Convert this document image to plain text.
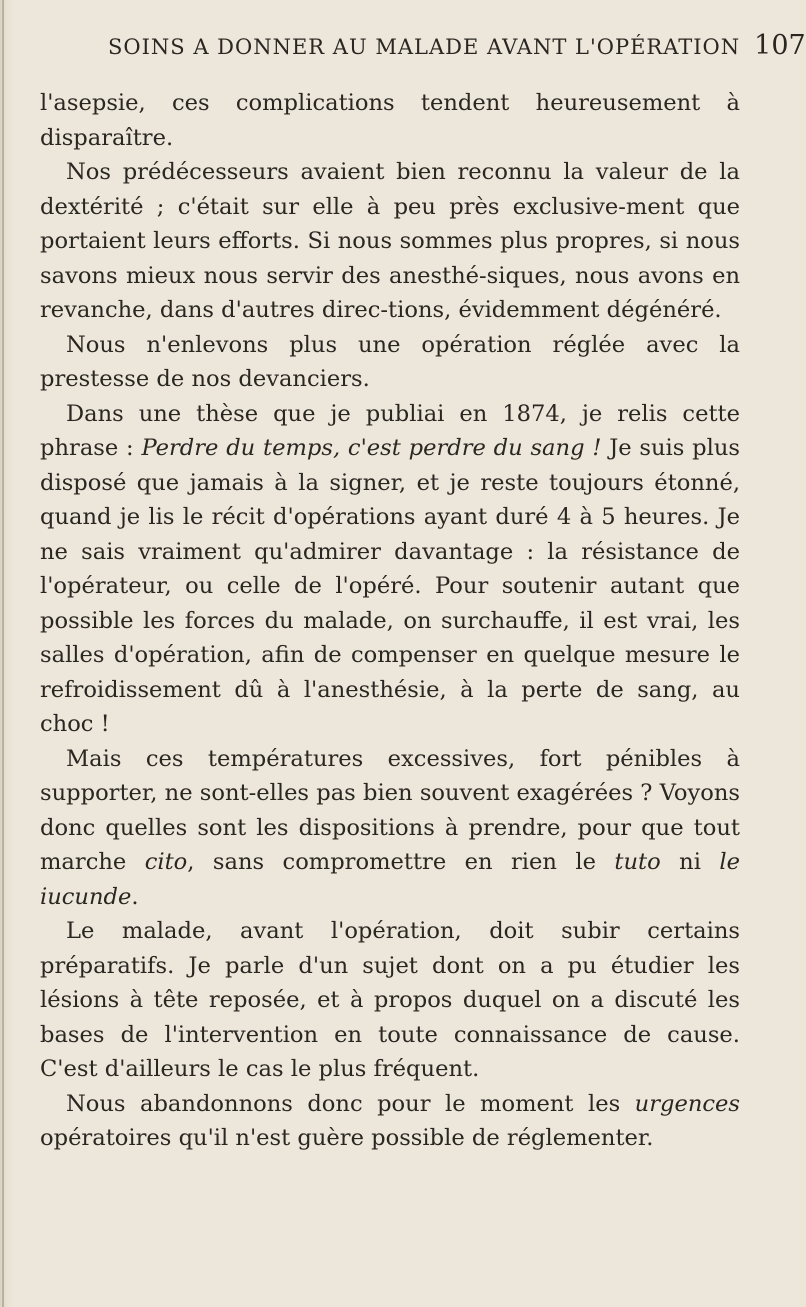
SOINS A DONNER AU MALADE AVANT L'OPÉRATION 107

l'asepsie, ces complications tendent heureusement à disparaître.

Nos prédécesseurs avaient bien reconnu la valeur de la dextérité ; c'était sur elle à peu près exclusive-ment que portaient leurs efforts. Si nous sommes plus propres, si nous savons mieux nous servir des anesthé-siques, nous avons en revanche, dans d'autres direc-tions, évidemment dégénéré.

Nous n'enlevons plus une opération réglée avec la prestesse de nos devanciers.

Dans une thèse que je publiai en 1874, je relis cette phrase : Perdre du temps, c'est perdre du sang ! Je suis plus disposé que jamais à la signer, et je reste toujours étonné, quand je lis le récit d'opérations ayant duré 4 à 5 heures. Je ne sais vraiment qu'admirer davantage : la résistance de l'opérateur, ou celle de l'opéré. Pour soutenir autant que possible les forces du malade, on surchauffe, il est vrai, les salles d'opération, afin de compenser en quelque mesure le refroidissement dû à l'anesthésie, à la perte de sang, au choc !

Mais ces températures excessives, fort pénibles à supporter, ne sont-elles pas bien souvent exagérées ? Voyons donc quelles sont les dispositions à prendre, pour que tout marche cito, sans compromettre en rien le tuto ni le iucunde.

Le malade, avant l'opération, doit subir certains préparatifs. Je parle d'un sujet dont on a pu étudier les lésions à tête reposée, et à propos duquel on a discuté les bases de l'intervention en toute connaissance de cause. C'est d'ailleurs le cas le plus fréquent.

Nous abandonnons donc pour le moment les urgences opératoires qu'il n'est guère possible de réglementer.
